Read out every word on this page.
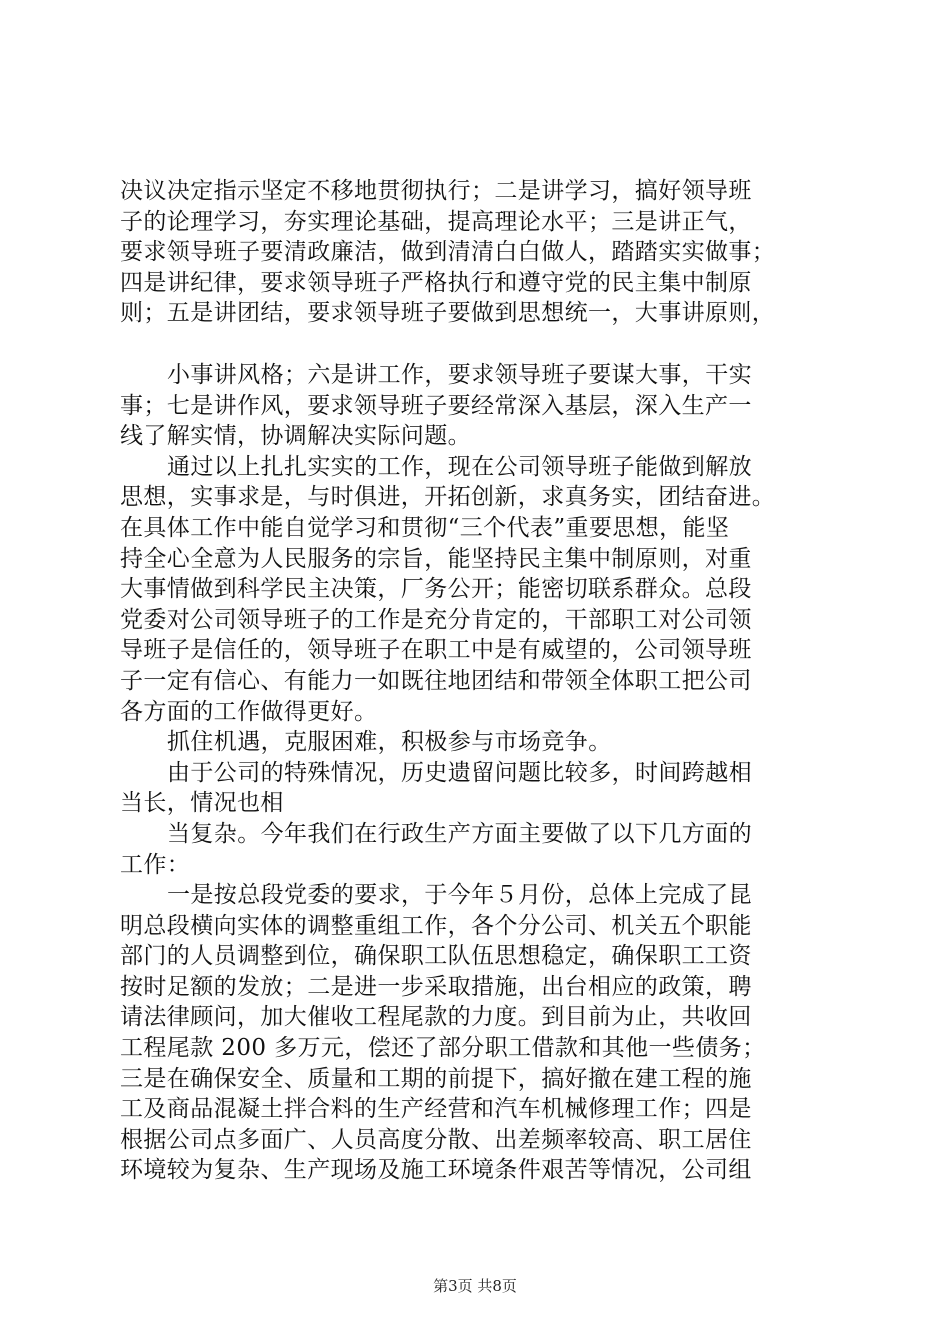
决议决定指示坚定不移地贯彻执行；二是讲学习，搞好领导班
子的论理学习，夯实理论基础，提高理论水平；三是讲正气，
要求领导班子要清政廉洁，做到清清白白做人，踏踏实实做事；
四是讲纪律，要求领导班子严格执行和遵守党的民主集中制原
则；五是讲团结，要求领导班子要做到思想统一，大事讲原则，
小事讲风格；六是讲工作，要求领导班子要谋大事，干实
事；七是讲作风，要求领导班子要经常深入基层，深入生产一
线了解实情，协调解决实际问题。
通过以上扎扎实实的工作，现在公司领导班子能做到解放
思想，实事求是，与时俱进，开拓创新，求真务实，团结奋进。
在具体工作中能自觉学习和贯彻“三个代表”重要思想，能坚
持全心全意为人民服务的宗旨，能坚持民主集中制原则，对重
大事情做到科学民主决策，厂务公开；能密切联系群众。总段
党委对公司领导班子的工作是充分肯定的，干部职工对公司领
导班子是信任的，领导班子在职工中是有威望的，公司领导班
子一定有信心、有能力一如既往地团结和带领全体职工把公司
各方面的工作做得更好。
抓住机遇，克服困难，积极参与市场竞争。
由于公司的特殊情况，历史遗留问题比较多，时间跨越相
当长，情况也相
当复杂。今年我们在行政生产方面主要做了以下几方面的
工作：
一是按总段党委的要求，于今年５月份，总体上完成了昆
明总段横向实体的调整重组工作，各个分公司、机关五个职能
部门的人员调整到位，确保职工队伍思想稳定，确保职工工资
按时足额的发放；二是进一步采取措施，出台相应的政策，聘
请法律顾问，加大催收工程尾款的力度。到目前为止，共收回
工程尾款 200 多万元，偿还了部分职工借款和其他一些债务；
三是在确保安全、质量和工期的前提下，搞好撤在建工程的施
工及商品混凝土拌合料的生产经营和汽车机械修理工作；四是
根据公司点多面广、人员高度分散、出差频率较高、职工居住
环境较为复杂、生产现场及施工环境条件艰苦等情况，公司组
第3页 共8页
